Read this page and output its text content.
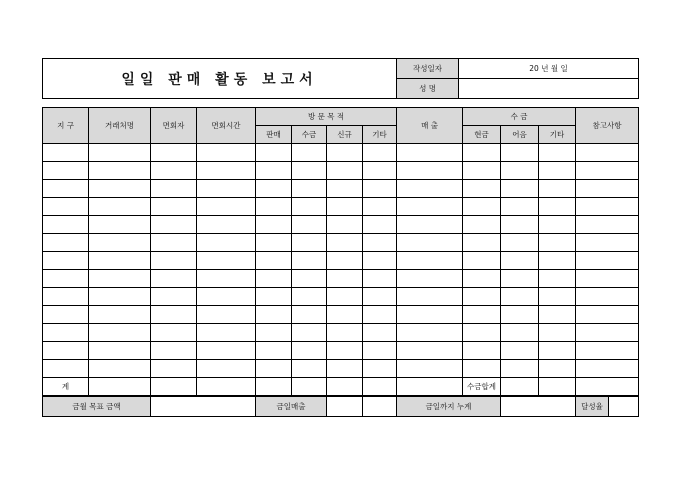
일일 판매 활동 보고서	작성일자	20 년 월 일
	성 명	
지 구	거래처명	면회자	면회시간	방 문 목 적				매 출	수 금			참고사항
				판매	수금	신규	기타		현금	어음	기타	

계									수금합계			
금월 목표 금액		금일매출			금일까지 누계		달성율	
